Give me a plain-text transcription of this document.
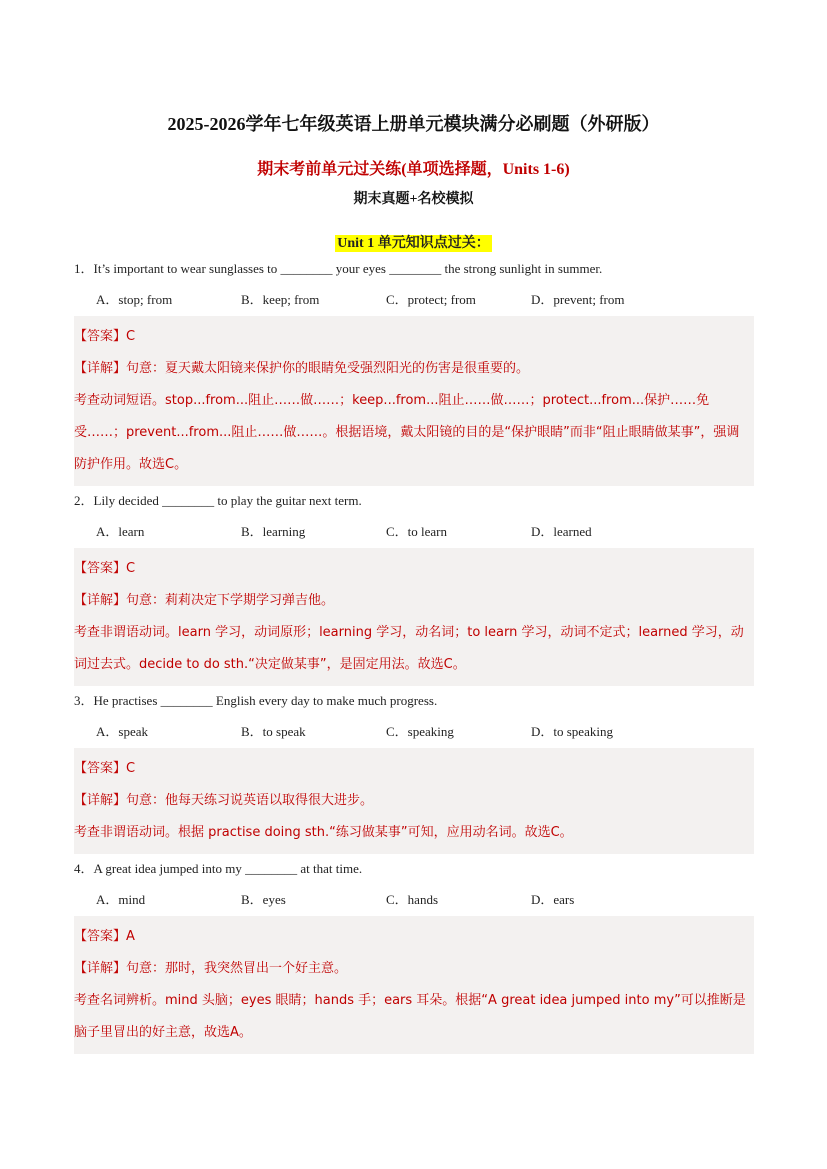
2025-2026学年七年级英语上册单元模块满分必刷题（外研版）
期末考前单元过关练(单项选择题，Units 1-6)
期末真题+名校模拟
Unit 1 单元知识点过关：
1．It’s important to wear sunglasses to ________ your eyes ________ the strong sunlight in summer.
A．stop; from	B．keep; from	C．protect; from	D．prevent; from
【答案】C
【详解】句意：夏天戴太阳镜来保护你的眼睛免受强烈阳光的伤害是很重要的。
考查动词短语。stop...from...阻止……做……；keep...from...阻止……做……；protect...from...保护……免受……；prevent...from...阻止……做……。根据语境，戴太阳镜的目的是“保护眼睛”而非“阻止眼睛做某事”，强调防护作用。故选C。
2．Lily decided ________ to play the guitar next term.
A．learn	B．learning	C．to learn	D．learned
【答案】C
【详解】句意：莉莉决定下学期学习弹吉他。
考查非谓语动词。learn 学习，动词原形；learning 学习，动名词；to learn 学习，动词不定式；learned 学习，动词过去式。decide to do sth.“决定做某事”，是固定用法。故选C。
3．He practises ________ English every day to make much progress.
A．speak	B．to speak	C．speaking	D．to speaking
【答案】C
【详解】句意：他每天练习说英语以取得很大进步。
考查非谓语动词。根据 practise doing sth.“练习做某事”可知，应用动名词。故选C。
4．A great idea jumped into my ________ at that time.
A．mind	B．eyes	C．hands	D．ears
【答案】A
【详解】句意：那时，我突然冒出一个好主意。
考查名词辨析。mind 头脑；eyes 眼睛；hands 手；ears 耳朵。根据“A great idea jumped into my”可以推断是脑子里冒出的好主意，故选A。
